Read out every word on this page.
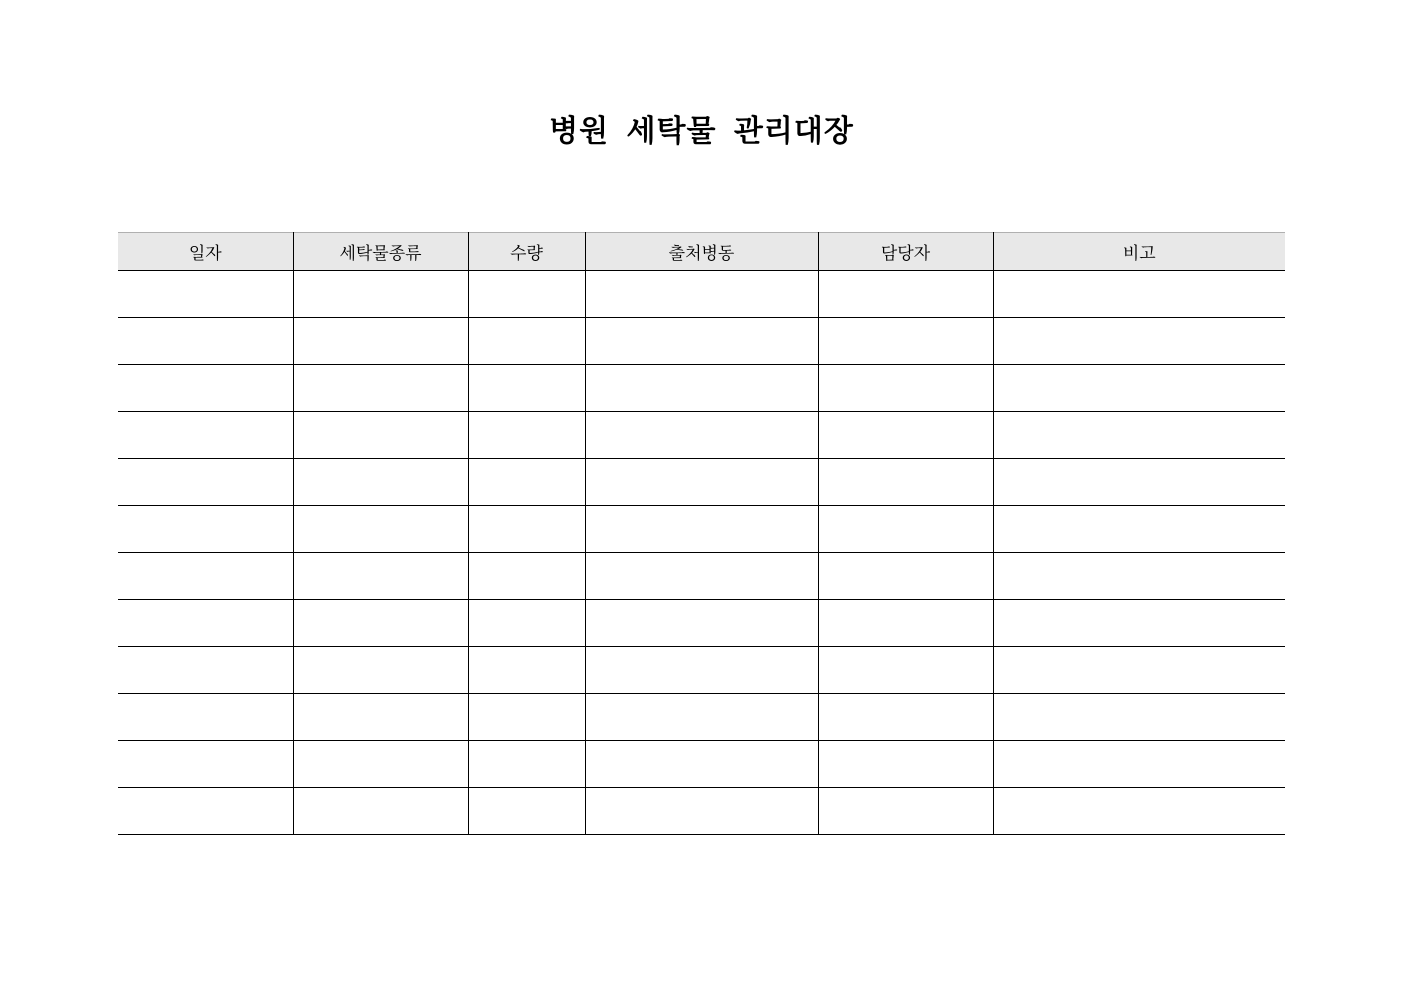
병원 세탁물 관리대장
일자	세탁물종류	수량	출처병동	담당자	비고
